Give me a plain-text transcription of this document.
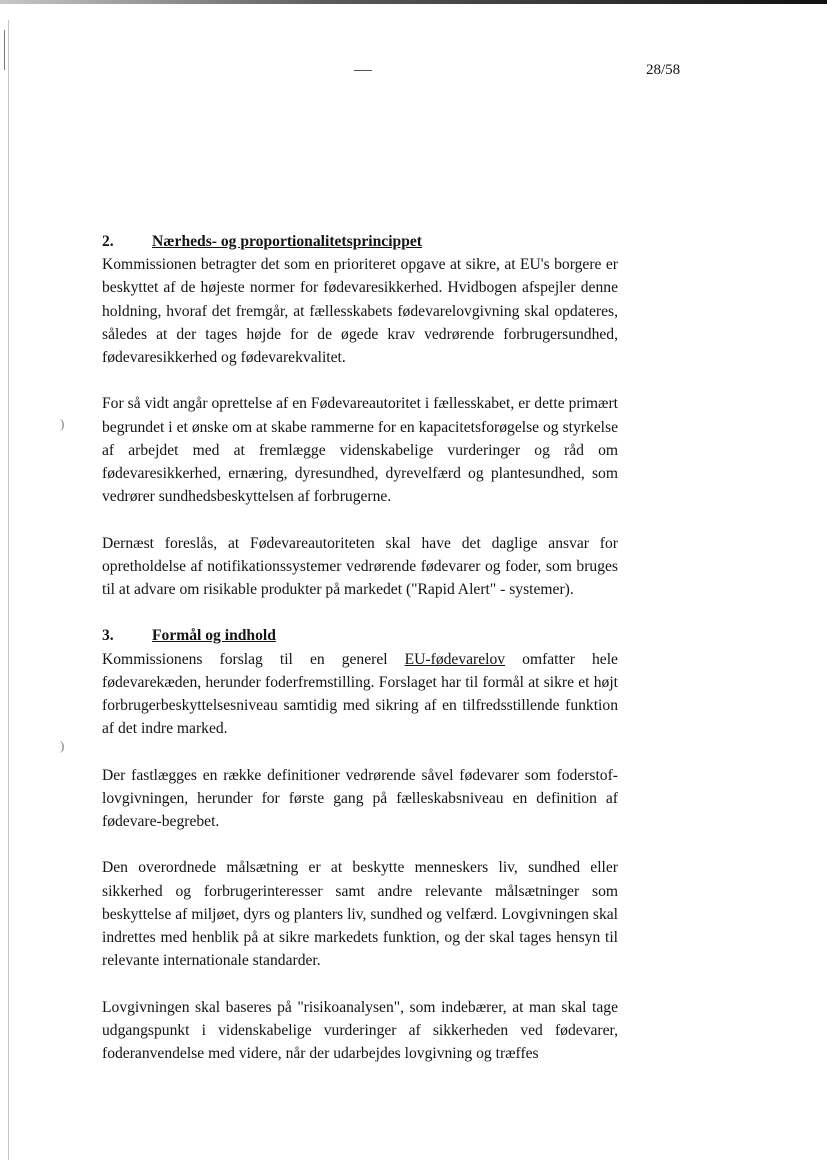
28/58
)
)
2.	Nærheds- og proportionalitetsprincippet

Kommissionen betragter det som en prioriteret opgave at sikre, at EU's borgere er beskyttet af de højeste normer for fødevaresikkerhed. Hvidbogen afspejler denne holdning, hvoraf det fremgår, at fællesskabets fødevarelovgivning skal opdateres, således at der tages højde for de øgede krav vedrørende forbrugersundhed, fødevaresikkerhed og fødevarekvalitet.

For så vidt angår oprettelse af en Fødevareautoritet i fællesskabet, er dette primært begrundet i et ønske om at skabe rammerne for en kapacitetsforøgelse og styrkelse af arbejdet med at fremlægge videnskabelige vurderinger og råd om fødevaresikkerhed, ernæring, dyresundhed, dyrevelfærd og plantesundhed, som vedrører sundhedsbeskyttelsen af forbrugerne.

Dernæst foreslås, at Fødevareautoriteten skal have det daglige ansvar for opretholdelse af notifikationssystemer vedrørende fødevarer og foder, som bruges til at advare om risikable produkter på markedet ("Rapid Alert" - systemer).

3.	Formål og indhold

Kommissionens forslag til en generel EU-fødevarelov omfatter hele fødevarekæden, herunder foderfremstilling. Forslaget har til formål at sikre et højt forbrugerbeskyttelsesniveau samtidig med sikring af en tilfredsstillende funktion af det indre marked.

Der fastlægges en række definitioner vedrørende såvel fødevarer som foderstof-lovgivningen, herunder for første gang på fælleskabsniveau en definition af fødevare-begrebet.

Den overordnede målsætning er at beskytte menneskers liv, sundhed eller sikkerhed og forbrugerinteresser samt andre relevante målsætninger som beskyttelse af miljøet, dyrs og planters liv, sundhed og velfærd. Lovgivningen skal indrettes med henblik på at sikre markedets funktion, og der skal tages hensyn til relevante internationale standarder.

Lovgivningen skal baseres på "risikoanalysen", som indebærer, at man skal tage udgangspunkt i videnskabelige vurderinger af sikkerheden ved fødevarer, foderanvendelse med videre, når der udarbejdes lovgivning og træffes
